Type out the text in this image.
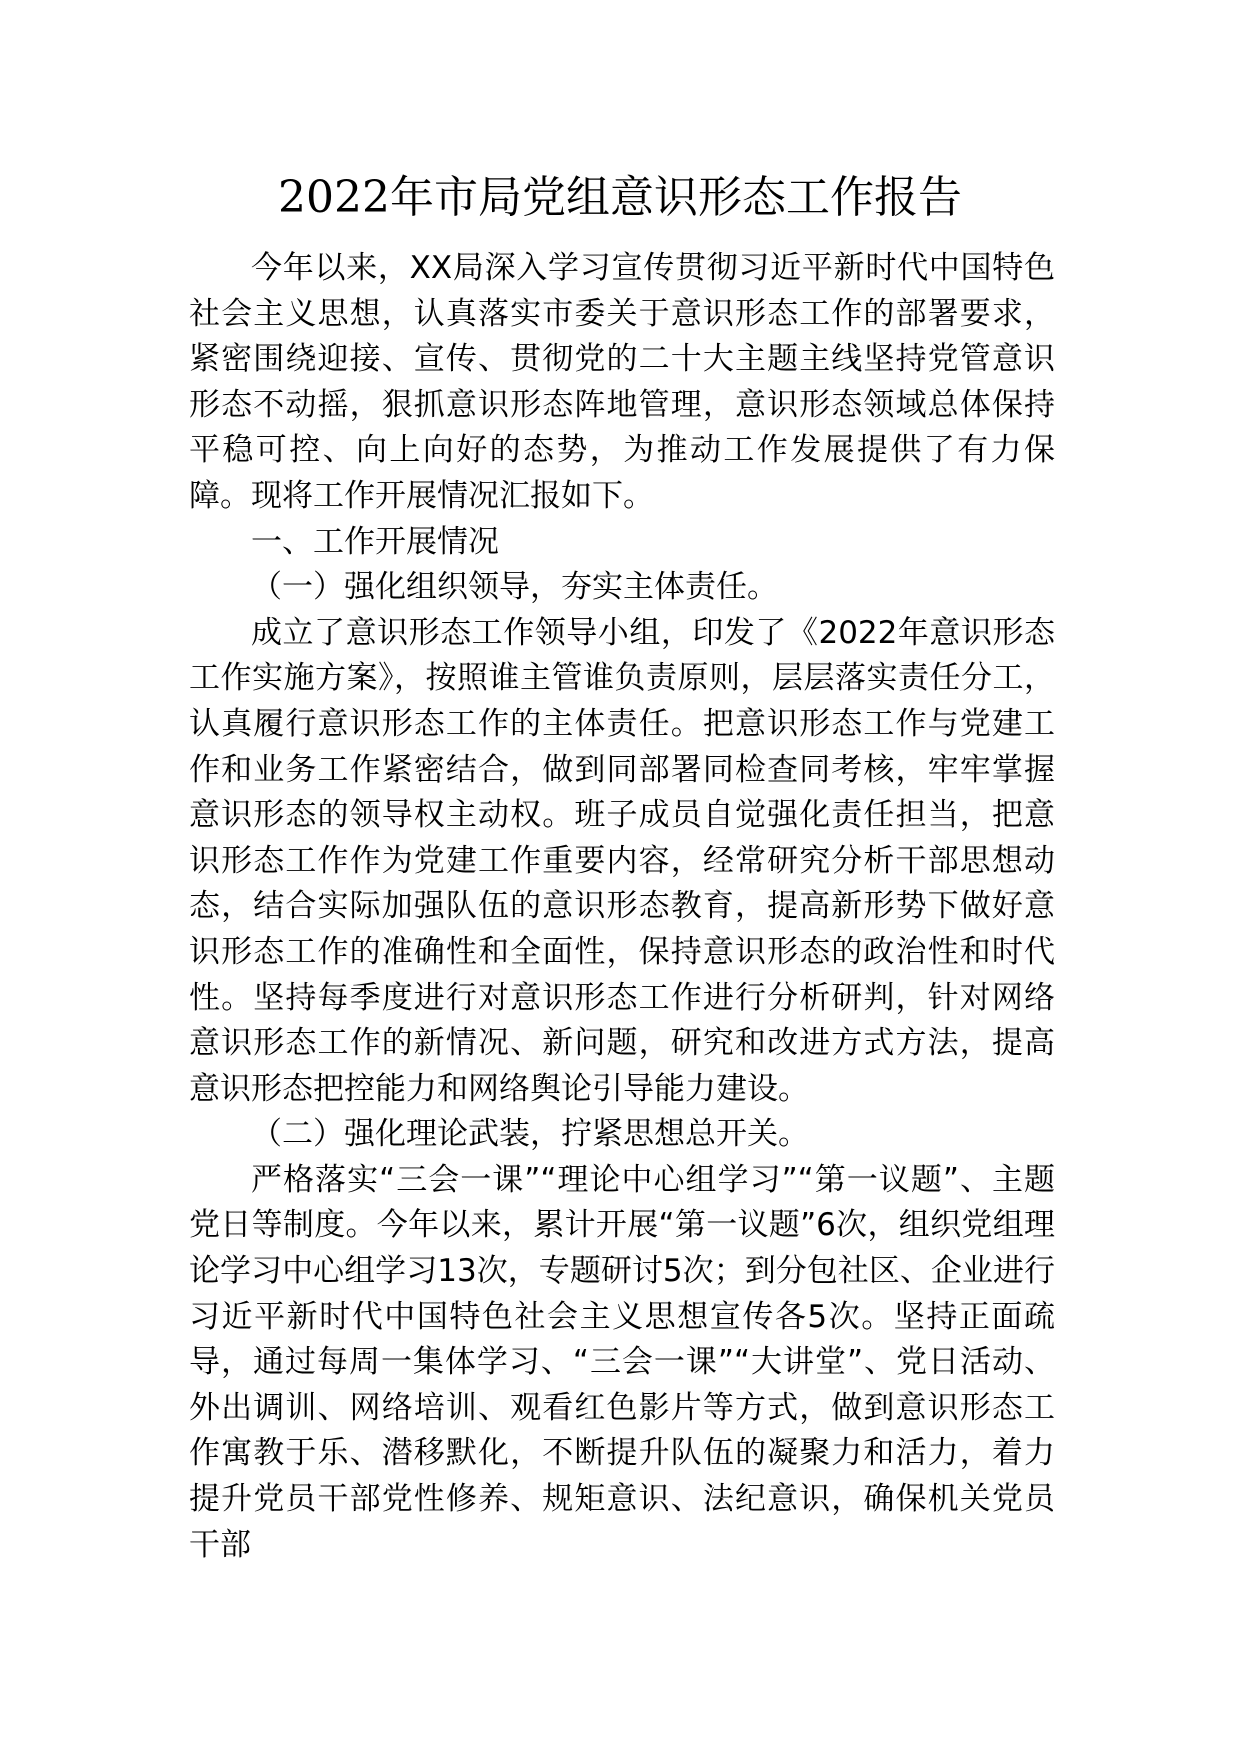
2022年市局党组意识形态工作报告

今年以来，XX局深入学习宣传贯彻习近平新时代中国特色社会主义思想，认真落实市委关于意识形态工作的部署要求，紧密围绕迎接、宣传、贯彻党的二十大主题主线坚持党管意识形态不动摇，狠抓意识形态阵地管理，意识形态领域总体保持平稳可控、向上向好的态势，为推动工作发展提供了有力保障。现将工作开展情况汇报如下。

一、工作开展情况

（一）强化组织领导，夯实主体责任。

成立了意识形态工作领导小组，印发了《2022年意识形态工作实施方案》，按照谁主管谁负责原则，层层落实责任分工，认真履行意识形态工作的主体责任。把意识形态工作与党建工作和业务工作紧密结合，做到同部署同检查同考核，牢牢掌握意识形态的领导权主动权。班子成员自觉强化责任担当，把意识形态工作作为党建工作重要内容，经常研究分析干部思想动态，结合实际加强队伍的意识形态教育，提高新形势下做好意识形态工作的准确性和全面性，保持意识形态的政治性和时代性。坚持每季度进行对意识形态工作进行分析研判，针对网络意识形态工作的新情况、新问题，研究和改进方式方法，提高意识形态把控能力和网络舆论引导能力建设。

（二）强化理论武装，拧紧思想总开关。

严格落实“三会一课”“理论中心组学习”“第一议题”、主题党日等制度。今年以来，累计开展“第一议题”6次，组织党组理论学习中心组学习13次，专题研讨5次；到分包社区、企业进行习近平新时代中国特色社会主义思想宣传各5次。坚持正面疏导，通过每周一集体学习、“三会一课”“大讲堂”、党日活动、外出调训、网络培训、观看红色影片等方式，做到意识形态工作寓教于乐、潜移默化，不断提升队伍的凝聚力和活力，着力提升党员干部党性修养、规矩意识、法纪意识，确保机关党员干部
